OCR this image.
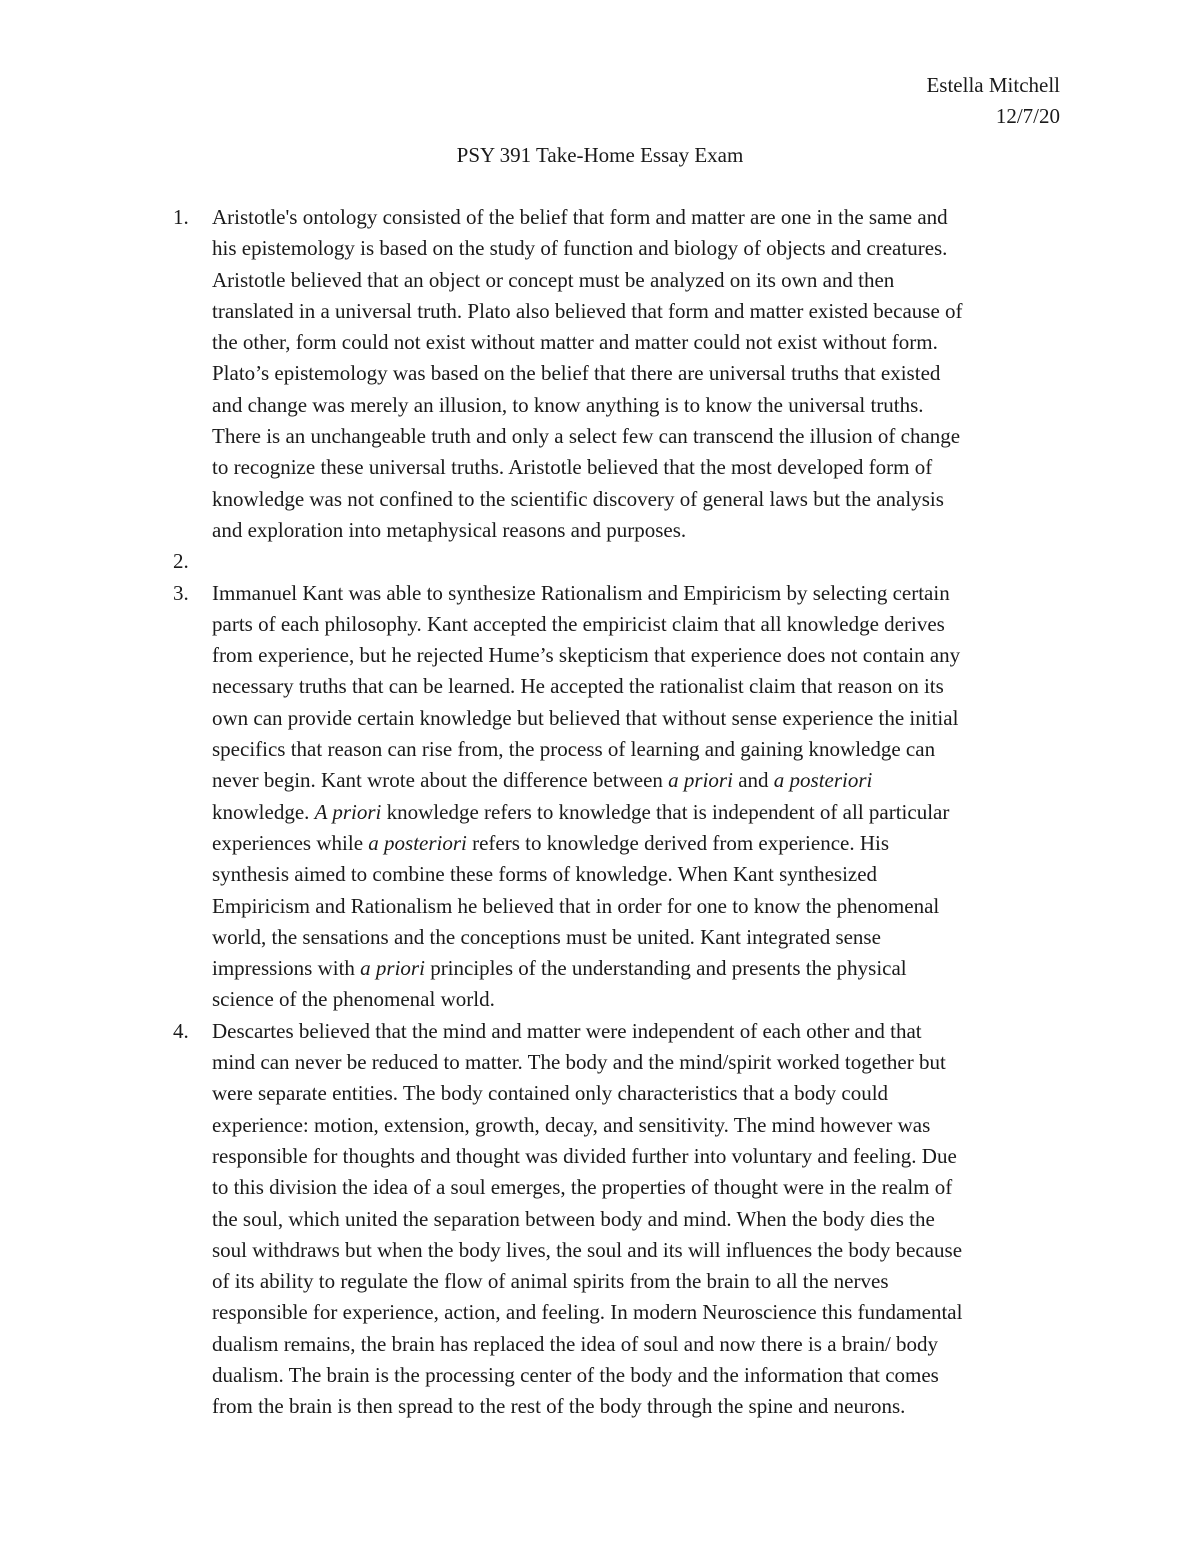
Estella Mitchell
12/7/20
PSY 391 Take-Home Essay Exam
1. Aristotle's ontology consisted of the belief that form and matter are one in the same and
his epistemology is based on the study of function and biology of objects and creatures.
Aristotle believed that an object or concept must be analyzed on its own and then
translated in a universal truth. Plato also believed that form and matter existed because of
the other, form could not exist without matter and matter could not exist without form.
Plato’s epistemology was based on the belief that there are universal truths that existed
and change was merely an illusion, to know anything is to know the universal truths.
There is an unchangeable truth and only a select few can transcend the illusion of change
to recognize these universal truths. Aristotle believed that the most developed form of
knowledge was not confined to the scientific discovery of general laws but the analysis
and exploration into metaphysical reasons and purposes.
2.
3. Immanuel Kant was able to synthesize Rationalism and Empiricism by selecting certain
parts of each philosophy. Kant accepted the empiricist claim that all knowledge derives
from experience, but he rejected Hume’s skepticism that experience does not contain any
necessary truths that can be learned. He accepted the rationalist claim that reason on its
own can provide certain knowledge but believed that without sense experience the initial
specifics that reason can rise from, the process of learning and gaining knowledge can
never begin. Kant wrote about the difference between a priori and a posteriori
knowledge. A priori knowledge refers to knowledge that is independent of all particular
experiences while a posteriori refers to knowledge derived from experience. His
synthesis aimed to combine these forms of knowledge. When Kant synthesized
Empiricism and Rationalism he believed that in order for one to know the phenomenal
world, the sensations and the conceptions must be united. Kant integrated sense
impressions with a priori principles of the understanding and presents the physical
science of the phenomenal world.
4. Descartes believed that the mind and matter were independent of each other and that
mind can never be reduced to matter. The body and the mind/spirit worked together but
were separate entities. The body contained only characteristics that a body could
experience: motion, extension, growth, decay, and sensitivity. The mind however was
responsible for thoughts and thought was divided further into voluntary and feeling. Due
to this division the idea of a soul emerges, the properties of thought were in the realm of
the soul, which united the separation between body and mind. When the body dies the
soul withdraws but when the body lives, the soul and its will influences the body because
of its ability to regulate the flow of animal spirits from the brain to all the nerves
responsible for experience, action, and feeling. In modern Neuroscience this fundamental
dualism remains, the brain has replaced the idea of soul and now there is a brain/ body
dualism. The brain is the processing center of the body and the information that comes
from the brain is then spread to the rest of the body through the spine and neurons.
